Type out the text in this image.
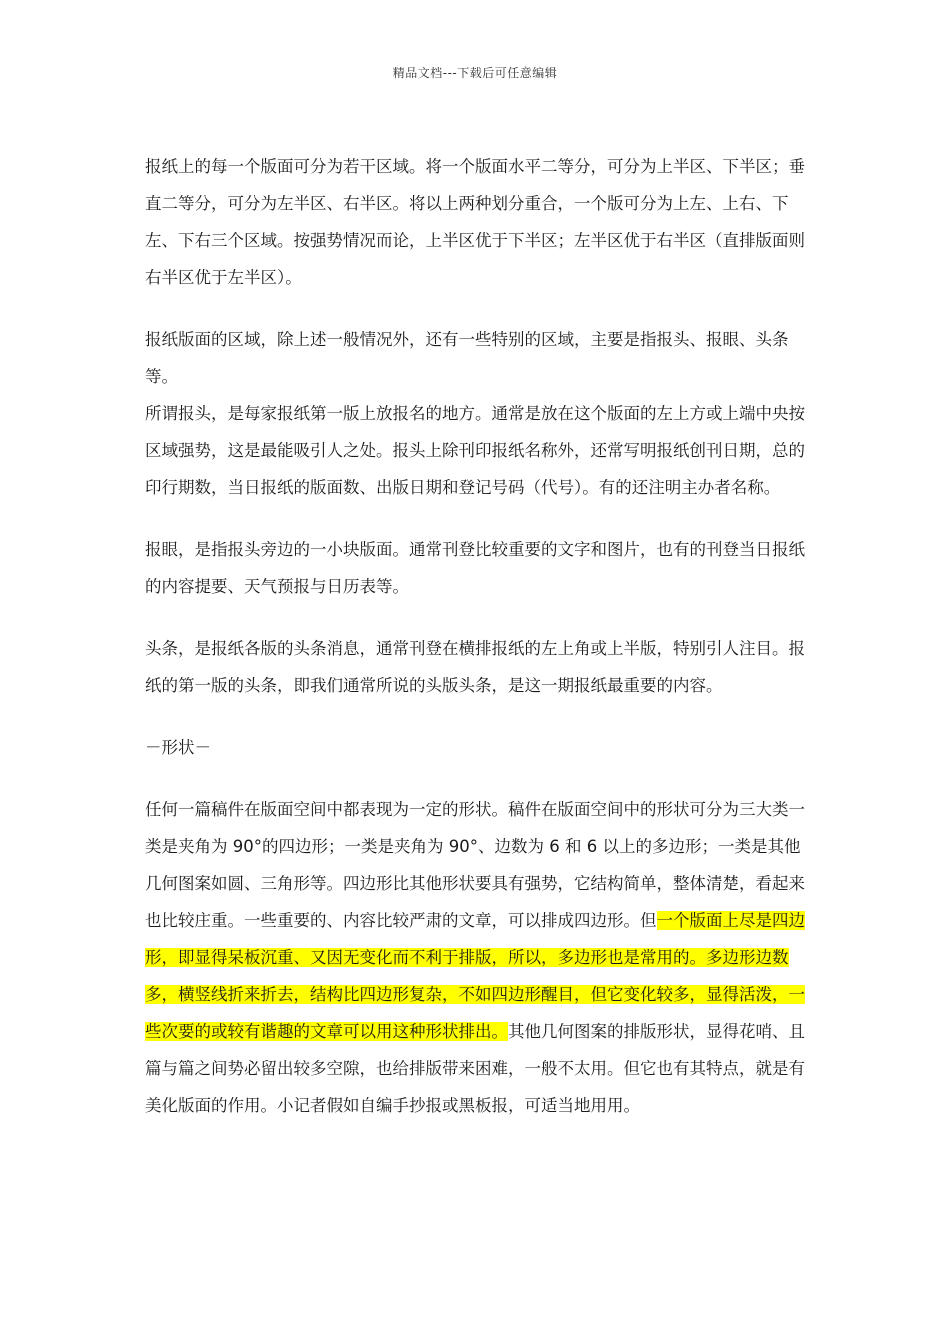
精品文档---下载后可任意编辑

报纸上的每一个版面可分为若干区域。将一个版面水平二等分，可分为上半区、下半区；垂直二等分，可分为左半区、右半区。将以上两种划分重合，一个版可分为上左、上右、下左、下右三个区域。按强势情况而论，上半区优于下半区；左半区优于右半区（直排版面则右半区优于左半区）。

报纸版面的区域，除上述一般情况外，还有一些特别的区域，主要是指报头、报眼、头条等。

所谓报头，是每家报纸第一版上放报名的地方。通常是放在这个版面的左上方或上端中央按区域强势，这是最能吸引人之处。报头上除刊印报纸名称外，还常写明报纸创刊日期，总的印行期数，当日报纸的版面数、出版日期和登记号码（代号）。有的还注明主办者名称。

报眼，是指报头旁边的一小块版面。通常刊登比较重要的文字和图片，也有的刊登当日报纸的内容提要、天气预报与日历表等。

头条，是报纸各版的头条消息，通常刊登在横排报纸的左上角或上半版，特别引人注目。报纸的第一版的头条，即我们通常所说的头版头条，是这一期报纸最重要的内容。

－形状－

任何一篇稿件在版面空间中都表现为一定的形状。稿件在版面空间中的形状可分为三大类一类是夹角为 90°的四边形；一类是夹角为 90°、边数为 6 和 6 以上的多边形；一类是其他几何图案如圆、三角形等。四边形比其他形状要具有强势，它结构简单，整体清楚，看起来也比较庄重。一些重要的、内容比较严肃的文章，可以排成四边形。但一个版面上尽是四边形，即显得呆板沉重、又因无变化而不利于排版，所以，多边形也是常用的。多边形边数多，横竖线折来折去，结构比四边形复杂，不如四边形醒目，但它变化较多，显得活泼，一些次要的或较有谐趣的文章可以用这种形状排出。其他几何图案的排版形状，显得花哨、且篇与篇之间势必留出较多空隙，也给排版带来困难，一般不太用。但它也有其特点，就是有美化版面的作用。小记者假如自编手抄报或黑板报，可适当地用用。
